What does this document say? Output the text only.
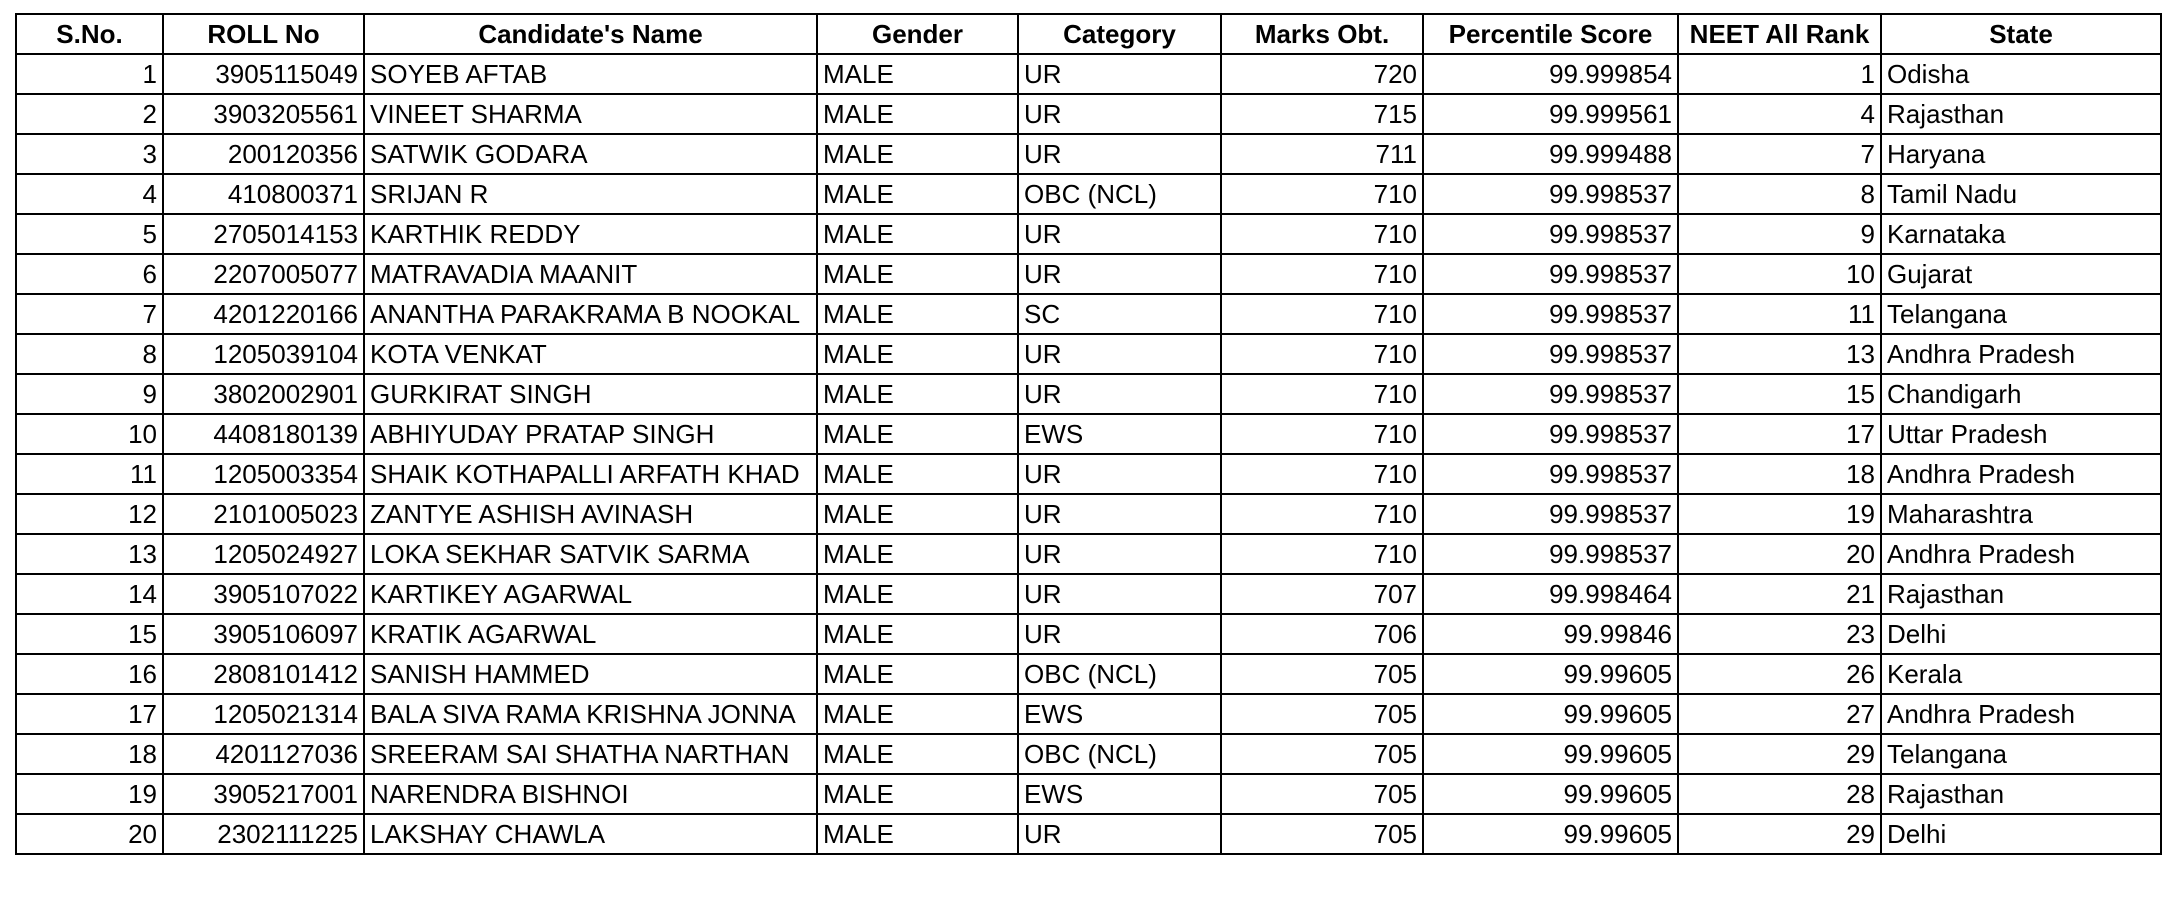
S.No.	ROLL No	Candidate's Name	Gender	Category	Marks Obt.	Percentile Score	NEET All Rank	State
1	3905115049	SOYEB AFTAB	MALE	UR	720	99.999854	1	Odisha
2	3903205561	VINEET SHARMA	MALE	UR	715	99.999561	4	Rajasthan
3	200120356	SATWIK GODARA	MALE	UR	711	99.999488	7	Haryana
4	410800371	SRIJAN R	MALE	OBC (NCL)	710	99.998537	8	Tamil Nadu
5	2705014153	KARTHIK REDDY	MALE	UR	710	99.998537	9	Karnataka
6	2207005077	MATRAVADIA MAANIT	MALE	UR	710	99.998537	10	Gujarat
7	4201220166	ANANTHA PARAKRAMA B NOOKAL	MALE	SC	710	99.998537	11	Telangana
8	1205039104	KOTA VENKAT	MALE	UR	710	99.998537	13	Andhra Pradesh
9	3802002901	GURKIRAT SINGH	MALE	UR	710	99.998537	15	Chandigarh
10	4408180139	ABHIYUDAY PRATAP SINGH	MALE	EWS	710	99.998537	17	Uttar Pradesh
11	1205003354	SHAIK KOTHAPALLI ARFATH KHAD	MALE	UR	710	99.998537	18	Andhra Pradesh
12	2101005023	ZANTYE ASHISH AVINASH	MALE	UR	710	99.998537	19	Maharashtra
13	1205024927	LOKA SEKHAR SATVIK SARMA	MALE	UR	710	99.998537	20	Andhra Pradesh
14	3905107022	KARTIKEY AGARWAL	MALE	UR	707	99.998464	21	Rajasthan
15	3905106097	KRATIK AGARWAL	MALE	UR	706	99.99846	23	Delhi
16	2808101412	SANISH HAMMED	MALE	OBC (NCL)	705	99.99605	26	Kerala
17	1205021314	BALA SIVA RAMA KRISHNA JONNA	MALE	EWS	705	99.99605	27	Andhra Pradesh
18	4201127036	SREERAM SAI SHATHA NARTHAN	MALE	OBC (NCL)	705	99.99605	29	Telangana
19	3905217001	NARENDRA BISHNOI	MALE	EWS	705	99.99605	28	Rajasthan
20	2302111225	LAKSHAY CHAWLA	MALE	UR	705	99.99605	29	Delhi
